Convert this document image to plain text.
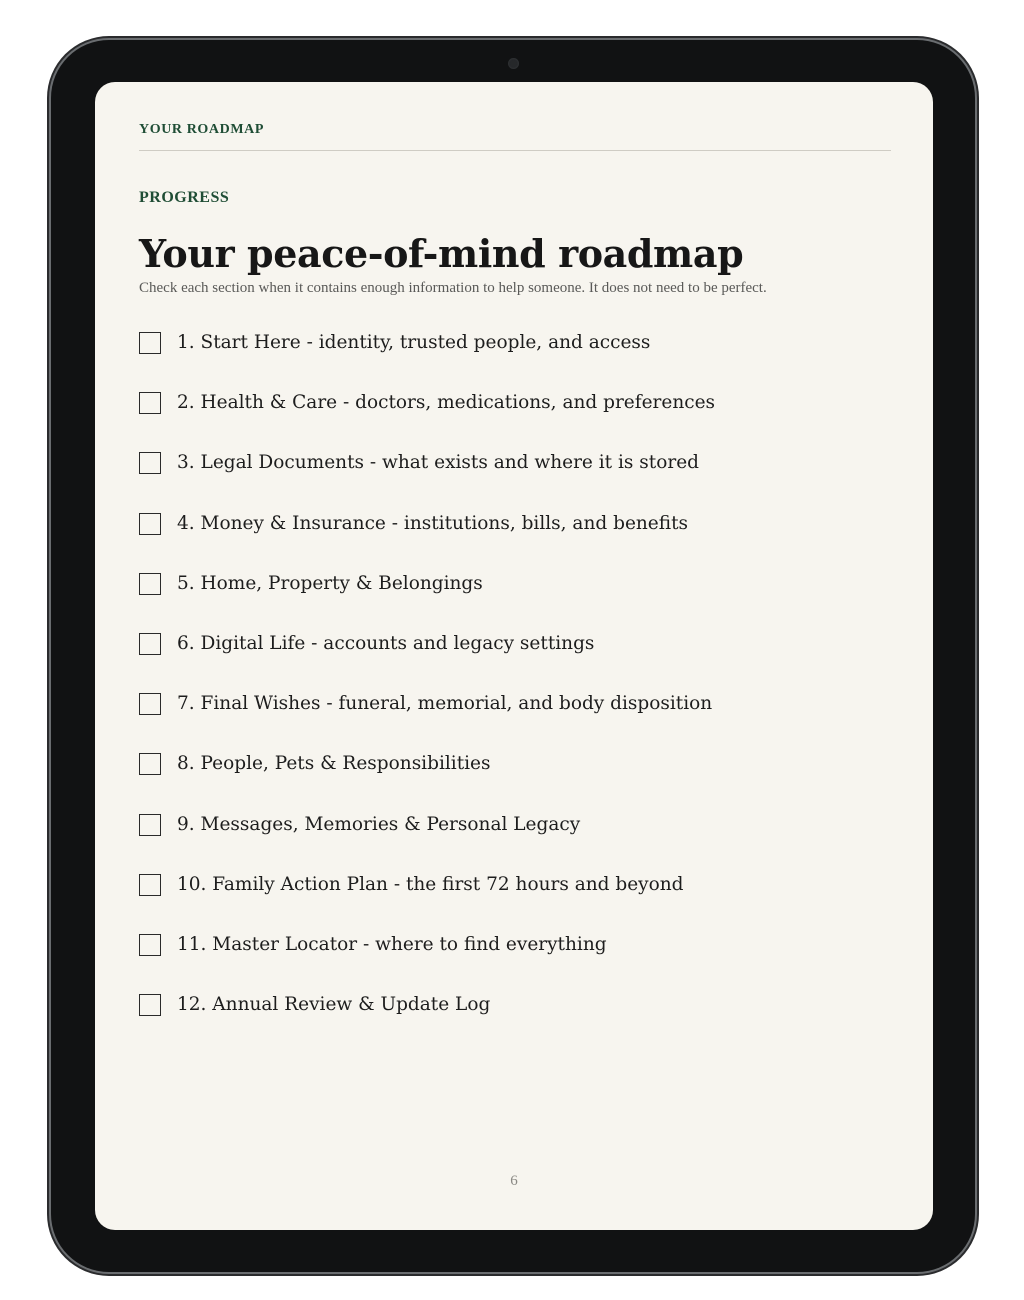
YOUR ROADMAP
PROGRESS
Your peace-of-mind roadmap
Check each section when it contains enough information to help someone. It does not need to be perfect.
1. Start Here - identity, trusted people, and access
2. Health & Care - doctors, medications, and preferences
3. Legal Documents - what exists and where it is stored
4. Money & Insurance - institutions, bills, and benefits
5. Home, Property & Belongings
6. Digital Life - accounts and legacy settings
7. Final Wishes - funeral, memorial, and body disposition
8. People, Pets & Responsibilities
9. Messages, Memories & Personal Legacy
10. Family Action Plan - the first 72 hours and beyond
11. Master Locator - where to find everything
12. Annual Review & Update Log
6
